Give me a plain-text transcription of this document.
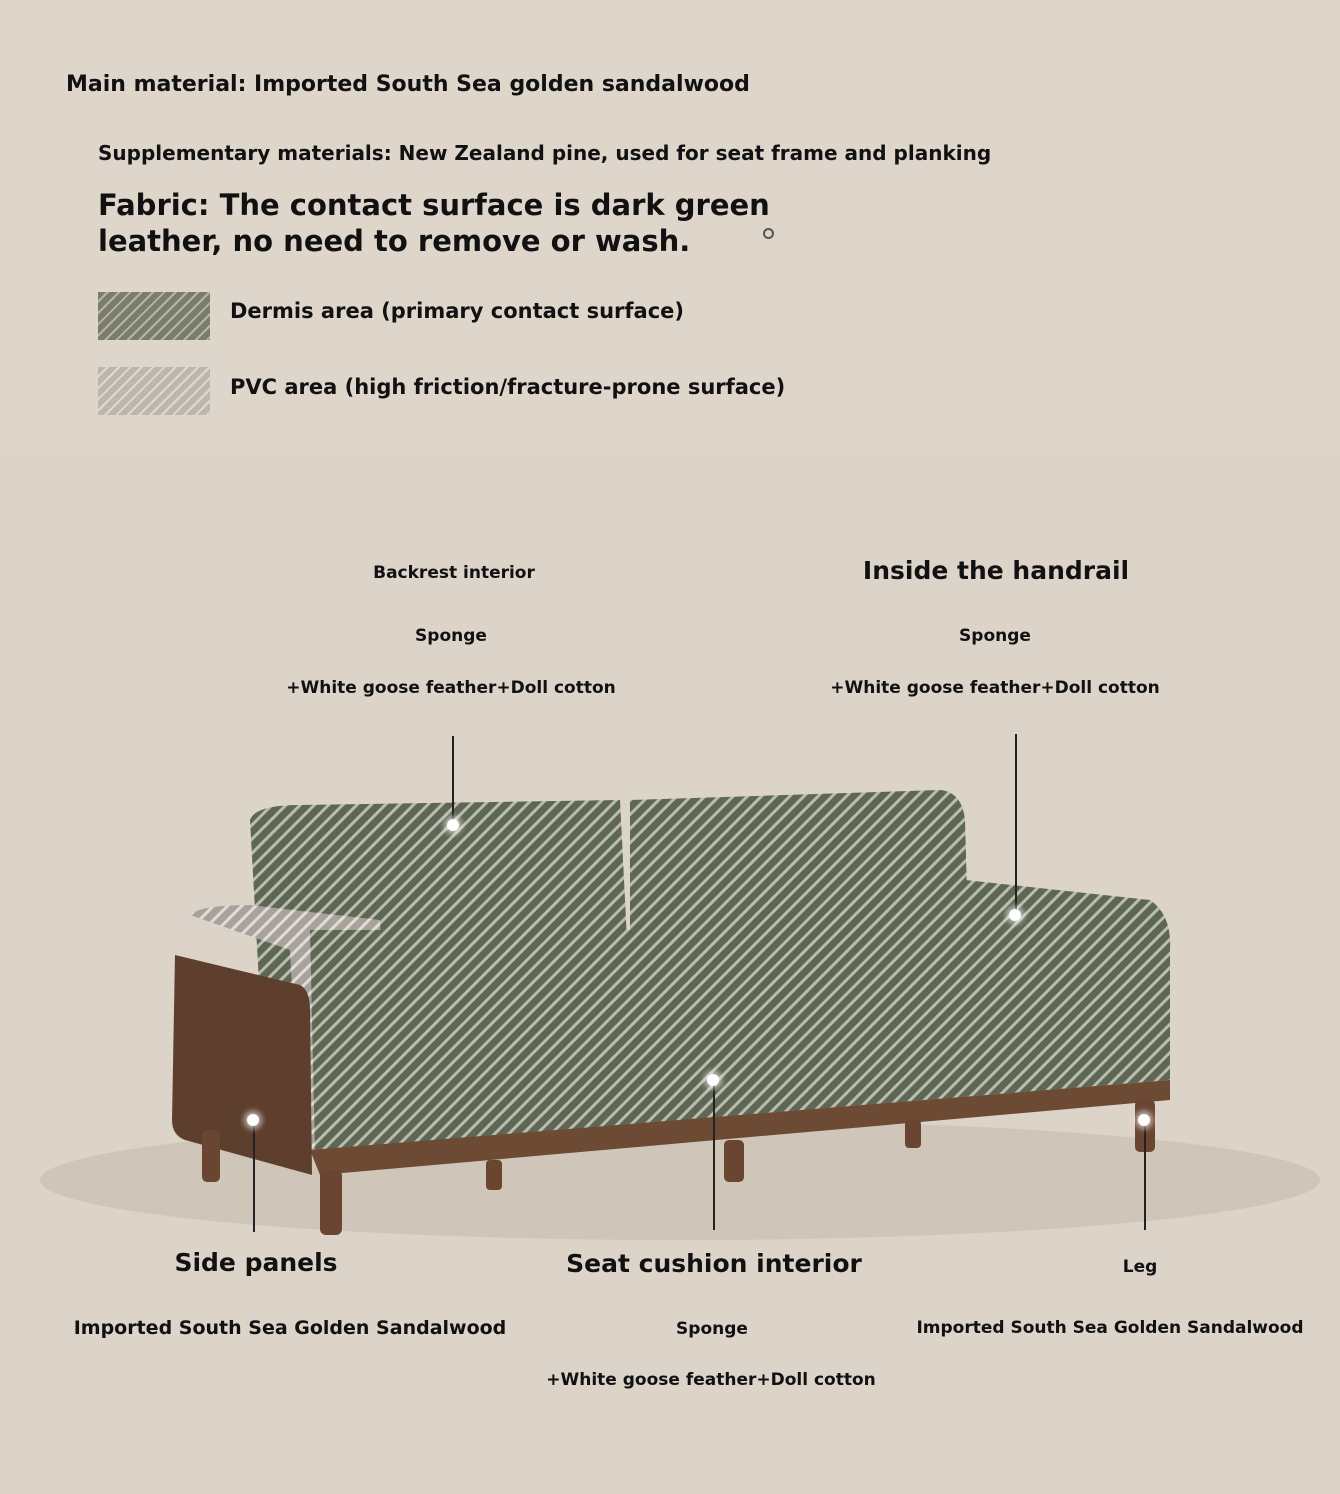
Main material: Imported South Sea golden sandalwood
Supplementary materials: New Zealand pine, used for seat frame and planking
Fabric: The contact surface is dark green
leather, no need to remove or wash.
Dermis area (primary contact surface)
PVC area (high friction/fracture-prone surface)
Backrest interior
Sponge
+White goose feather+Doll cotton
Inside the handrail
Sponge
+White goose feather+Doll cotton
Side panels
Imported South Sea Golden Sandalwood
Seat cushion interior
Sponge
+White goose feather+Doll cotton
Leg
Imported South Sea Golden Sandalwood
